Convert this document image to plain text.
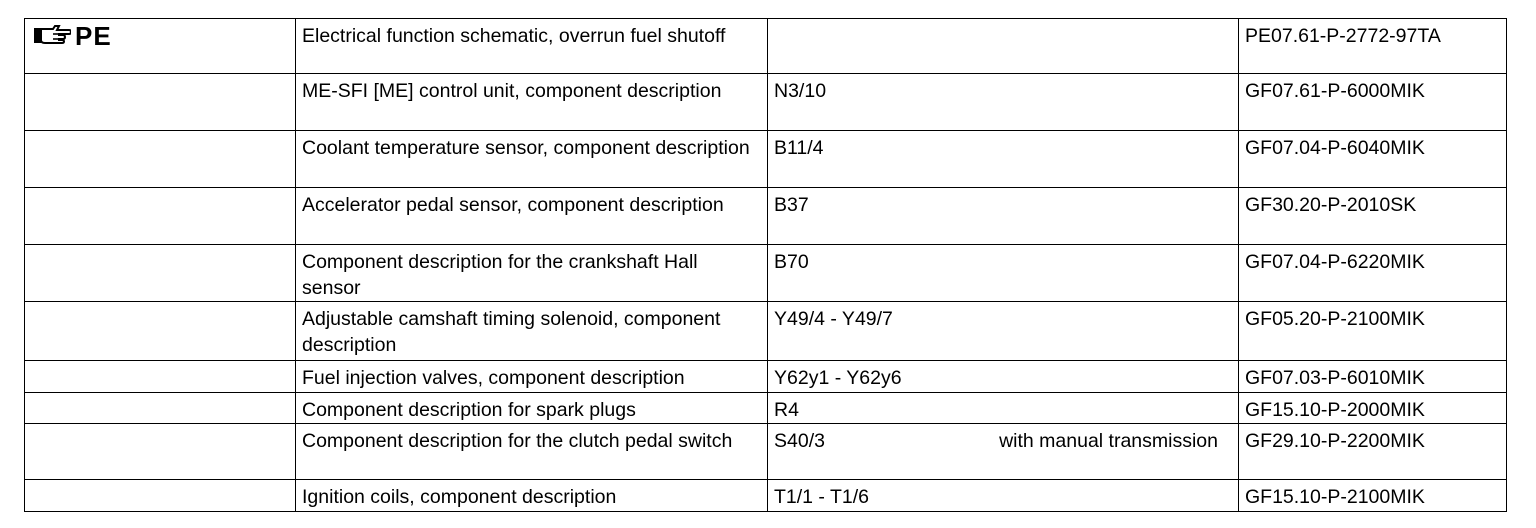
PE	Electrical function schematic, overrun fuel shutoff		PE07.61-P-2772-97TA
	ME-SFI [ME] control unit, component description	N3/10	GF07.61-P-6000MIK
	Coolant temperature sensor, component description	B11/4	GF07.04-P-6040MIK
	Accelerator pedal sensor, component description	B37	GF30.20-P-2010SK
	Component description for the crankshaft Hall sensor	B70	GF07.04-P-6220MIK
	Adjustable camshaft timing solenoid, component description	Y49/4 - Y49/7	GF05.20-P-2100MIK
	Fuel injection valves, component description	Y62y1 - Y62y6	GF07.03-P-6010MIK
	Component description for spark plugs	R4	GF15.10-P-2000MIK
	Component description for the clutch pedal switch	S40/3 with manual transmission	GF29.10-P-2200MIK
	Ignition coils, component description	T1/1 - T1/6	GF15.10-P-2100MIK
